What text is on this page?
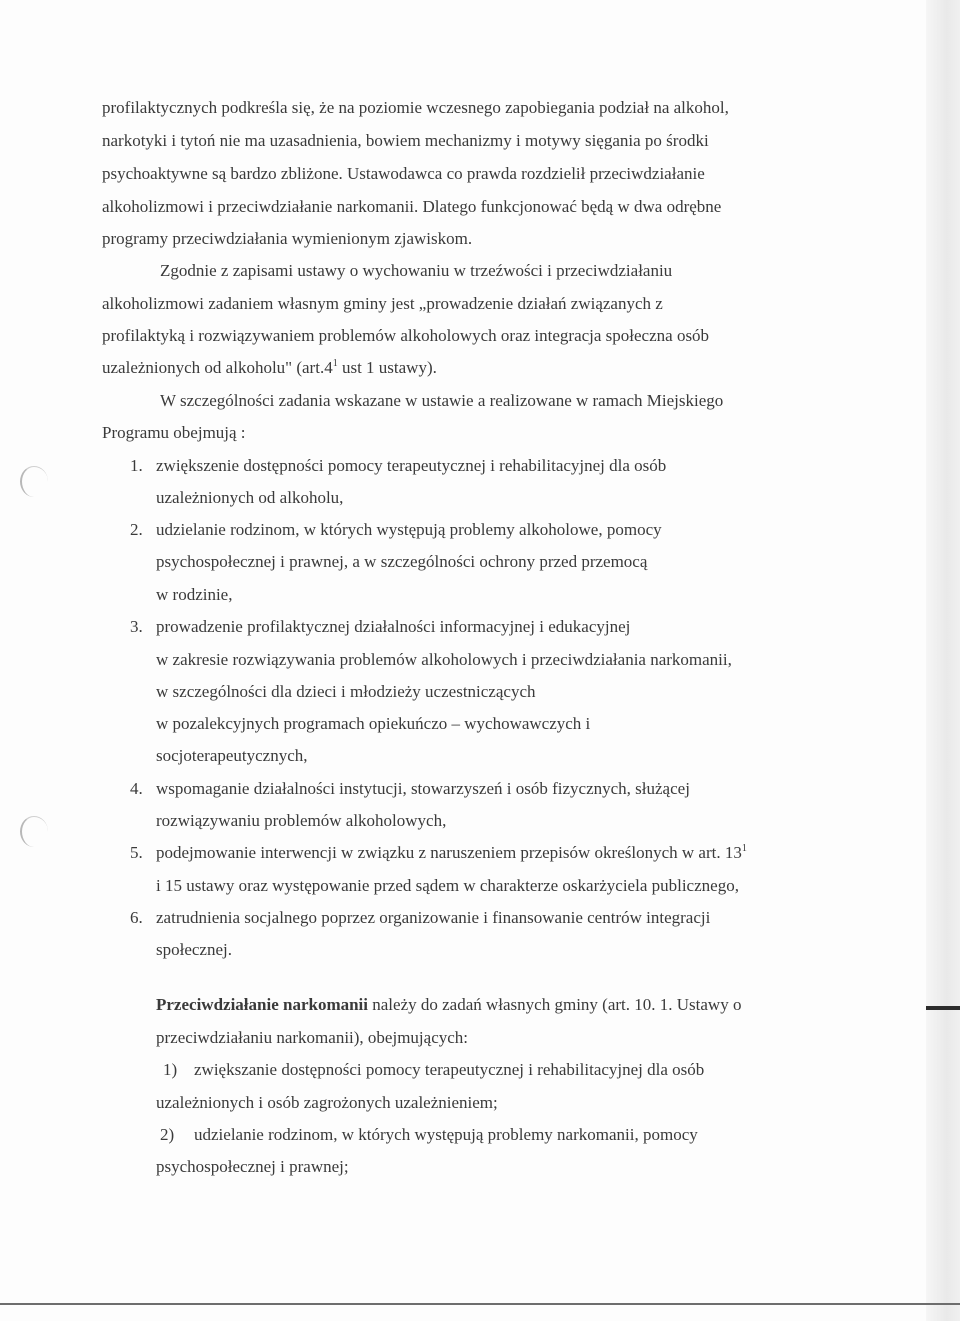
profilaktycznych podkreśla się, że na poziomie wczesnego zapobiegania podział na alkohol,
narkotyki i tytoń nie ma uzasadnienia, bowiem mechanizmy i motywy sięgania po środki
psychoaktywne są bardzo zbliżone. Ustawodawca co prawda rozdzielił przeciwdziałanie
alkoholizmowi i przeciwdziałanie narkomanii. Dlatego funkcjonować będą w dwa odrębne
programy przeciwdziałania wymienionym zjawiskom.
Zgodnie z zapisami ustawy o wychowaniu w trzeźwości i przeciwdziałaniu
alkoholizmowi zadaniem własnym gminy jest „prowadzenie działań związanych z
profilaktyką i rozwiązywaniem problemów alkoholowych oraz integracja społeczna osób
uzależnionych od alkoholu" ($art.4^1$ ust 1 ustawy).
W szczególności zadania wskazane w ustawie a realizowane w ramach Miejskiego
Programu obejmują :
1. zwiększenie dostępności pomocy terapeutycznej i rehabilitacyjnej dla osób
uzależnionych od alkoholu,
2. udzielanie rodzinom, w których występują problemy alkoholowe, pomocy
psychospołecznej i prawnej, a w szczególności ochrony przed przemocą
w rodzinie,
3. prowadzenie profilaktycznej działalności informacyjnej i edukacyjnej
w zakresie rozwiązywania problemów alkoholowych i przeciwdziałania narkomanii,
w szczególności dla dzieci i młodzieży uczestniczących
w pozalekcyjnych programach opiekuńczo – wychowawczych i
socjoterapeutycznych,
4. wspomaganie działalności instytucji, stowarzyszeń i osób fizycznych, służącej
rozwiązywaniu problemów alkoholowych,
5. podejmowanie interwencji w związku z naruszeniem przepisów określonych w art. $13^1$
i 15 ustawy oraz występowanie przed sądem w charakterze oskarżyciela publicznego,
6. zatrudnienia socjalnego poprzez organizowanie i finansowanie centrów integracji
społecznej.
Przeciwdziałanie narkomanii należy do zadań własnych gminy (art. 10. 1. Ustawy o
przeciwdziałaniu narkomanii), obejmujących:
1) zwiększanie dostępności pomocy terapeutycznej i rehabilitacyjnej dla osób
uzależnionych i osób zagrożonych uzależnieniem;
2) udzielanie rodzinom, w których występują problemy narkomanii, pomocy
psychospołecznej i prawnej;
